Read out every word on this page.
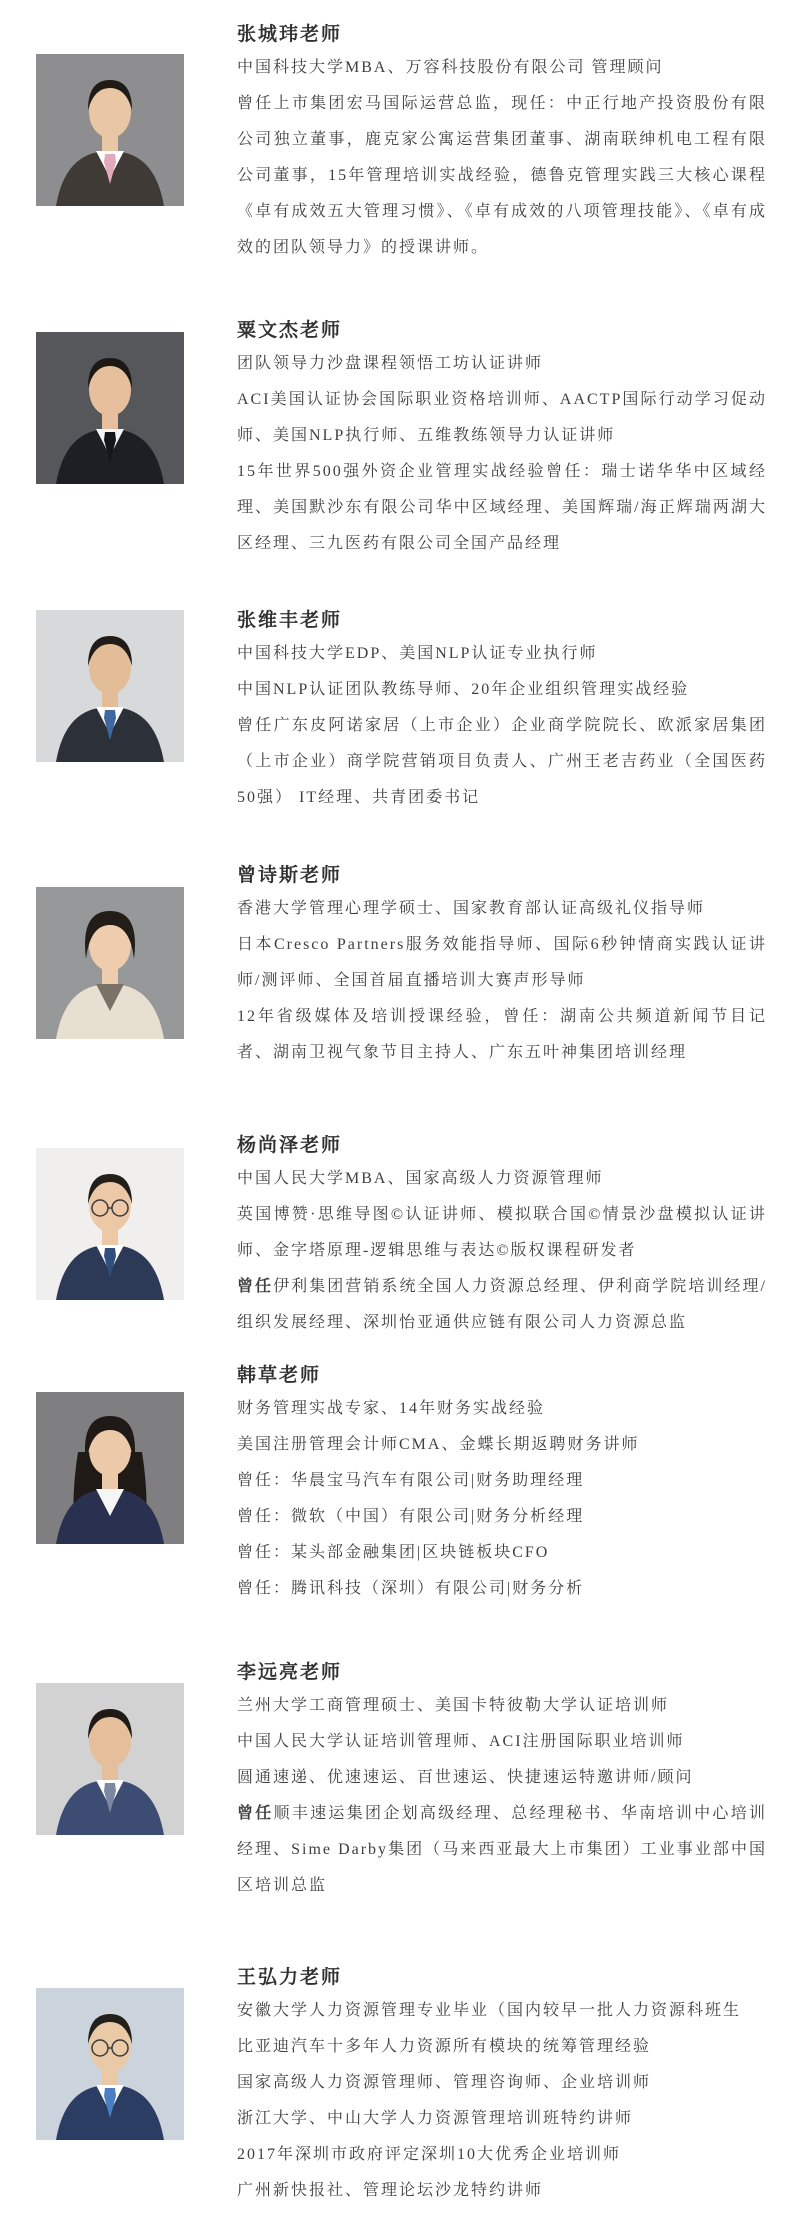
张城玮老师

中国科技大学MBA、万容科技股份有限公司 管理顾问

曾任上市集团宏马国际运营总监，现任：中正行地产投资股份有限公司独立董事，鹿克家公寓运营集团董事、湖南联绅机电工程有限公司董事，15年管理培训实战经验，德鲁克管理实践三大核心课程《卓有成效五大管理习惯》、《卓有成效的八项管理技能》、《卓有成效的团队领导力》的授课讲师。

粟文杰老师

团队领导力沙盘课程领悟工坊认证讲师

ACI美国认证协会国际职业资格培训师、AACTP国际行动学习促动师、美国NLP执行师、五维教练领导力认证讲师

15年世界500强外资企业管理实战经验曾任：瑞士诺华华中区域经理、美国默沙东有限公司华中区域经理、美国辉瑞/海正辉瑞两湖大区经理、三九医药有限公司全国产品经理

张维丰老师

中国科技大学EDP、美国NLP认证专业执行师

中国NLP认证团队教练导师、20年企业组织管理实战经验

曾任广东皮阿诺家居（上市企业）企业商学院院长、欧派家居集团（上市企业）商学院营销项目负责人、广州王老吉药业（全国医药50强） IT经理、共青团委书记

曾诗斯老师

香港大学管理心理学硕士、国家教育部认证高级礼仪指导师

日本Cresco Partners服务效能指导师、国际6秒钟情商实践认证讲师/测评师、全国首届直播培训大赛声形导师

12年省级媒体及培训授课经验，曾任：湖南公共频道新闻节目记者、湖南卫视气象节目主持人、广东五叶神集团培训经理

杨尚泽老师

中国人民大学MBA、国家高级人力资源管理师

英国博赞·思维导图©认证讲师、模拟联合国©情景沙盘模拟认证讲师、金字塔原理-逻辑思维与表达©版权课程研发者

曾任伊利集团营销系统全国人力资源总经理、伊利商学院培训经理/组织发展经理、深圳怡亚通供应链有限公司人力资源总监

韩草老师

财务管理实战专家、14年财务实战经验

美国注册管理会计师CMA、金蝶长期返聘财务讲师

曾任：华晨宝马汽车有限公司|财务助理经理

曾任：微软（中国）有限公司|财务分析经理

曾任：某头部金融集团|区块链板块CFO

曾任：腾讯科技（深圳）有限公司|财务分析

李远亮老师

兰州大学工商管理硕士、美国卡特彼勒大学认证培训师

中国人民大学认证培训管理师、ACI注册国际职业培训师

圆通速递、优速速运、百世速运、快捷速运特邀讲师/顾问

曾任顺丰速运集团企划高级经理、总经理秘书、华南培训中心培训经理、Sime Darby集团（马来西亚最大上市集团）工业事业部中国区培训总监

王弘力老师

安徽大学人力资源管理专业毕业（国内较早一批人力资源科班生

比亚迪汽车十多年人力资源所有模块的统筹管理经验

国家高级人力资源管理师、管理咨询师、企业培训师

浙江大学、中山大学人力资源管理培训班特约讲师

2017年深圳市政府评定深圳10大优秀企业培训师

广州新快报社、管理论坛沙龙特约讲师
